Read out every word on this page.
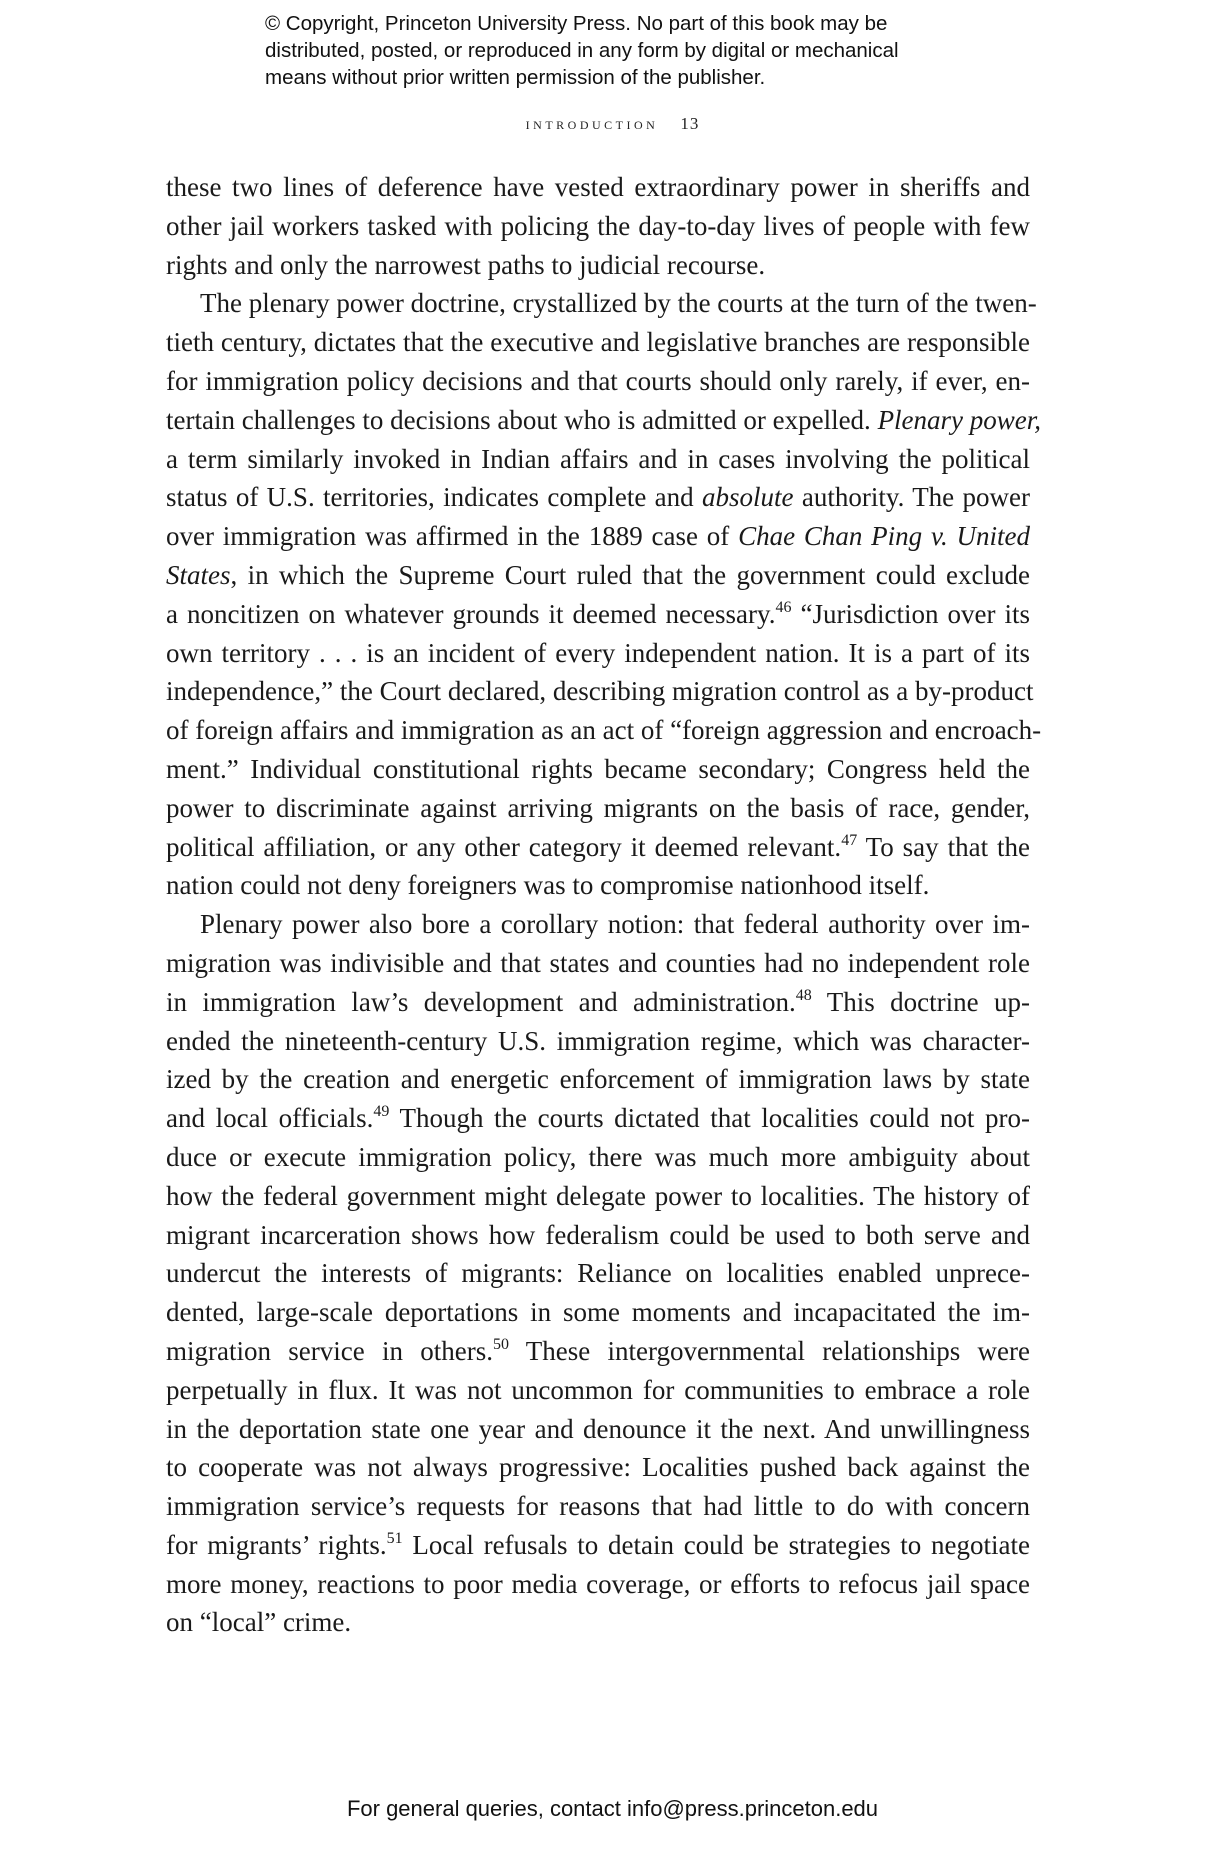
© Copyright, Princeton University Press. No part of this book may be
distributed, posted, or reproduced in any form by digital or mechanical
means without prior written permission of the publisher.
introduction 13
these two lines of deference have vested extraordinary power in sheriffs and
other jail workers tasked with policing the day-to-day lives of people with few
rights and only the narrowest paths to judicial recourse.
The plenary power doctrine, crystallized by the courts at the turn of the twen-
tieth century, dictates that the executive and legislative branches are responsible
for immigration policy decisions and that courts should only rarely, if ever, en-
tertain challenges to decisions about who is admitted or expelled. Plenary power,
a term similarly invoked in Indian affairs and in cases involving the political
status of U.S. territories, indicates complete and absolute authority. The power
over immigration was affirmed in the 1889 case of Chae Chan Ping v. United
States, in which the Supreme Court ruled that the government could exclude
a noncitizen on whatever grounds it deemed necessary.$^{46}$ “Jurisdiction over its
own territory . . . is an incident of every independent nation. It is a part of its
independence,” the Court declared, describing migration control as a by-product
of foreign affairs and immigration as an act of “foreign aggression and encroach-
ment.” Individual constitutional rights became secondary; Congress held the
power to discriminate against arriving migrants on the basis of race, gender,
political affiliation, or any other category it deemed relevant.$^{47}$ To say that the
nation could not deny foreigners was to compromise nationhood itself.
Plenary power also bore a corollary notion: that federal authority over im-
migration was indivisible and that states and counties had no independent role
in immigration law’s development and administration.$^{48}$ This doctrine up-
ended the nineteenth-century U.S. immigration regime, which was character-
ized by the creation and energetic enforcement of immigration laws by state
and local officials.$^{49}$ Though the courts dictated that localities could not pro-
duce or execute immigration policy, there was much more ambiguity about
how the federal government might delegate power to localities. The history of
migrant incarceration shows how federalism could be used to both serve and
undercut the interests of migrants: Reliance on localities enabled unprece-
dented, large-scale deportations in some moments and incapacitated the im-
migration service in others.$^{50}$ These intergovernmental relationships were
perpetually in flux. It was not uncommon for communities to embrace a role
in the deportation state one year and denounce it the next. And unwillingness
to cooperate was not always progressive: Localities pushed back against the
immigration service’s requests for reasons that had little to do with concern
for migrants’ rights.$^{51}$ Local refusals to detain could be strategies to negotiate
more money, reactions to poor media coverage, or efforts to refocus jail space
on “local” crime.
For general queries, contact info@press.princeton.edu
